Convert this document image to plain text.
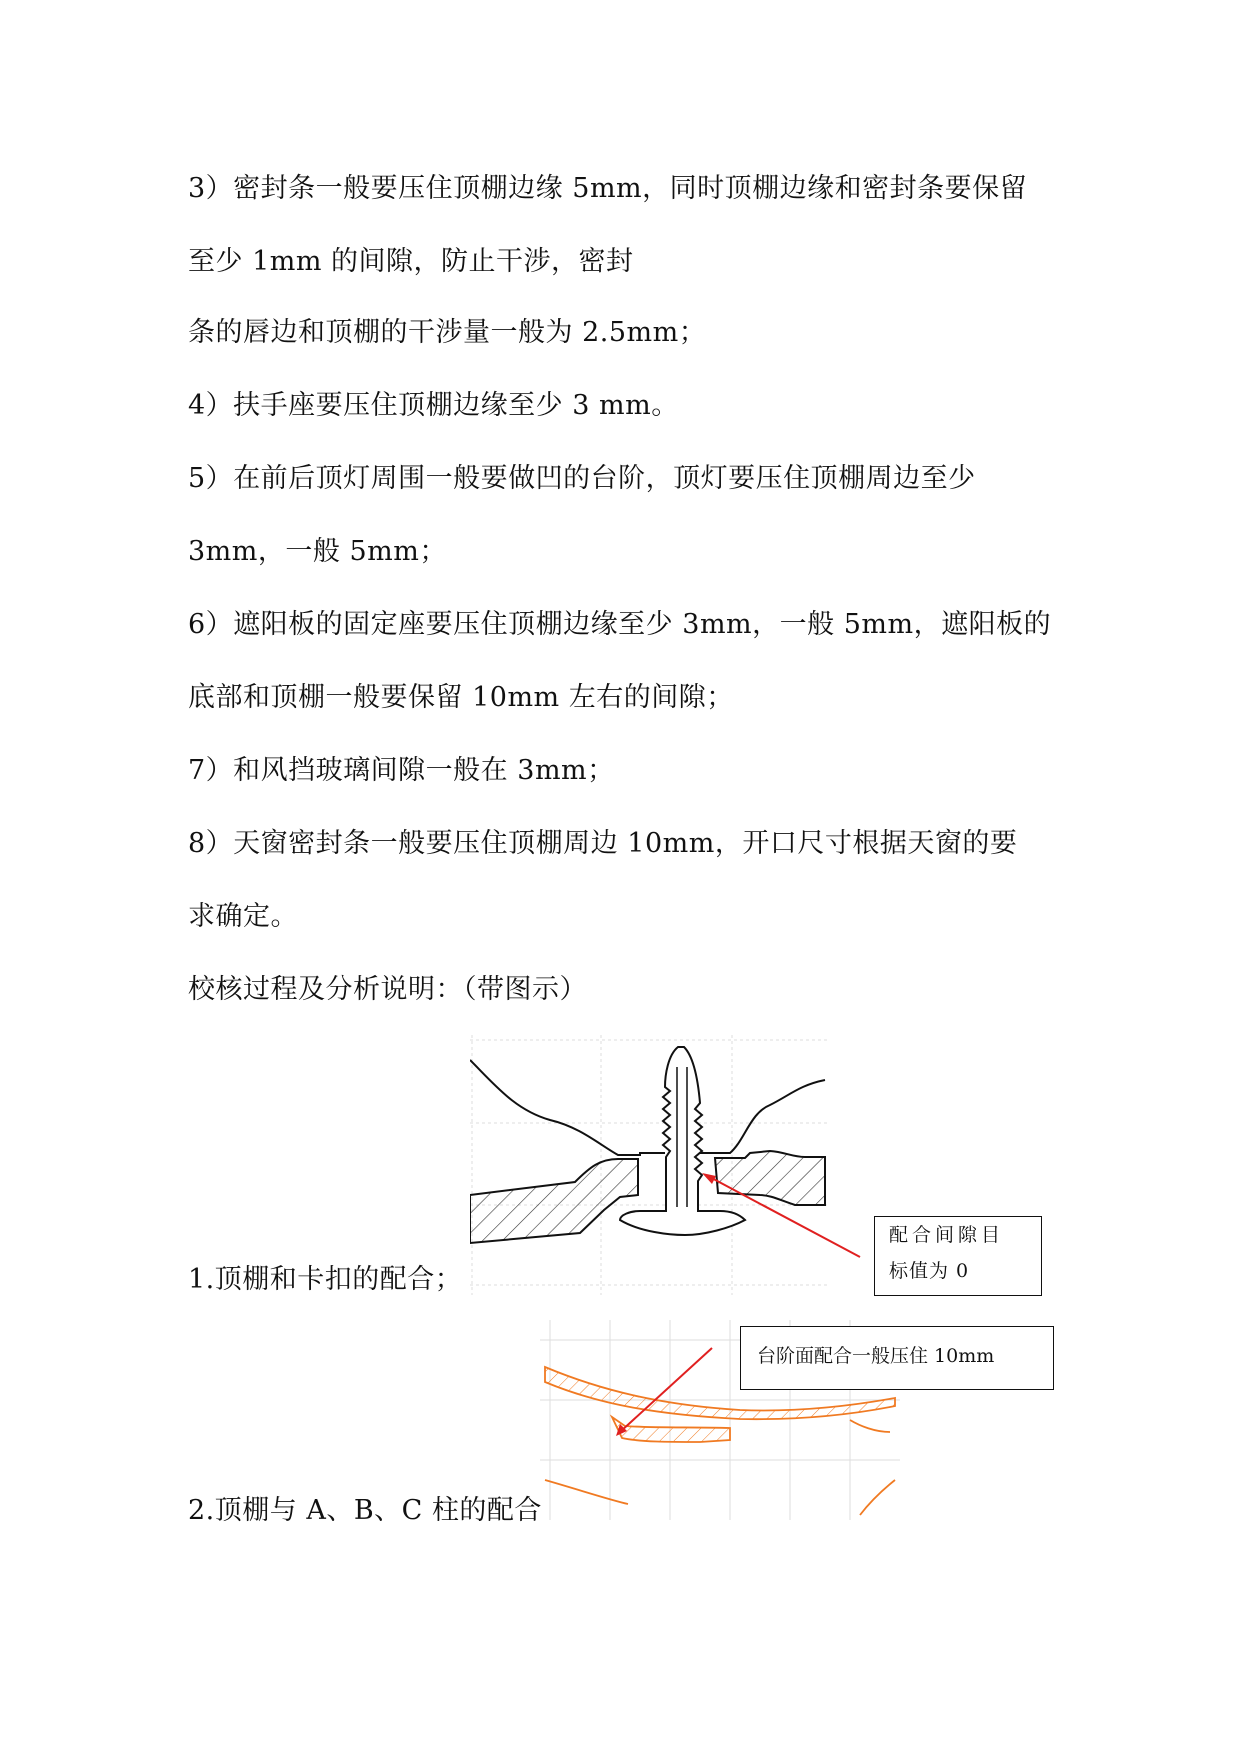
3）密封条一般要压住顶棚边缘 5mm，同时顶棚边缘和密封条要保留
至少 1mm 的间隙，防止干涉，密封
条的唇边和顶棚的干涉量一般为 2.5mm；
4）扶手座要压住顶棚边缘至少 3 mm。
5）在前后顶灯周围一般要做凹的台阶，顶灯要压住顶棚周边至少
3mm，一般 5mm；
6）遮阳板的固定座要压住顶棚边缘至少 3mm，一般 5mm，遮阳板的
底部和顶棚一般要保留 10mm 左右的间隙；
7）和风挡玻璃间隙一般在 3mm；
8）天窗密封条一般要压住顶棚周边 10mm，开口尺寸根据天窗的要
求确定。
校核过程及分析说明：（带图示）
配合间隙目
标值为 0
1.顶棚和卡扣的配合；
台阶面配合一般压住 10mm
2.顶棚与 A、B、C 柱的配合
